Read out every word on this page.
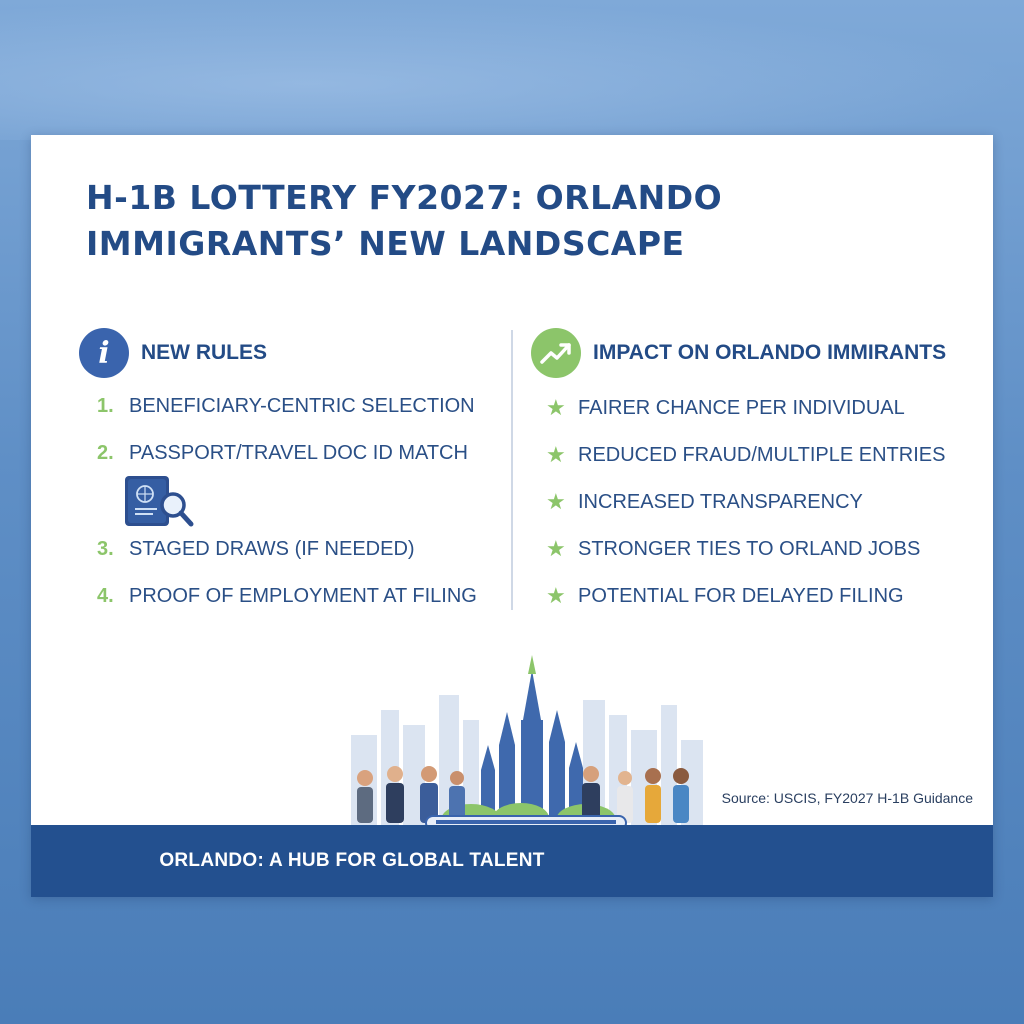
H-1B LOTTERY FY2027: ORLANDO
IMMIGRANTS’ NEW LANDSCAPE
i	NEW RULES
1. BENEFICIARY-CENTRIC SELECTION
2. PASSPORT/TRAVEL DOC ID MATCH
3. STAGED DRAWS (IF NEEDED)
4. PROOF OF EMPLOYMENT AT FILING
IMPACT ON ORLANDO IMMIRANTS
★ FAIRER CHANCE PER INDIVIDUAL
★ REDUCED FRAUD/MULTIPLE ENTRIES
★ INCREASED TRANSPARENCY
★ STRONGER TIES TO ORLAND JOBS
★ POTENTIAL FOR DELAYED FILING
Source: USCIS, FY2027 H-1B Guidance
ORLANDO: A HUB FOR GLOBAL TALENT
